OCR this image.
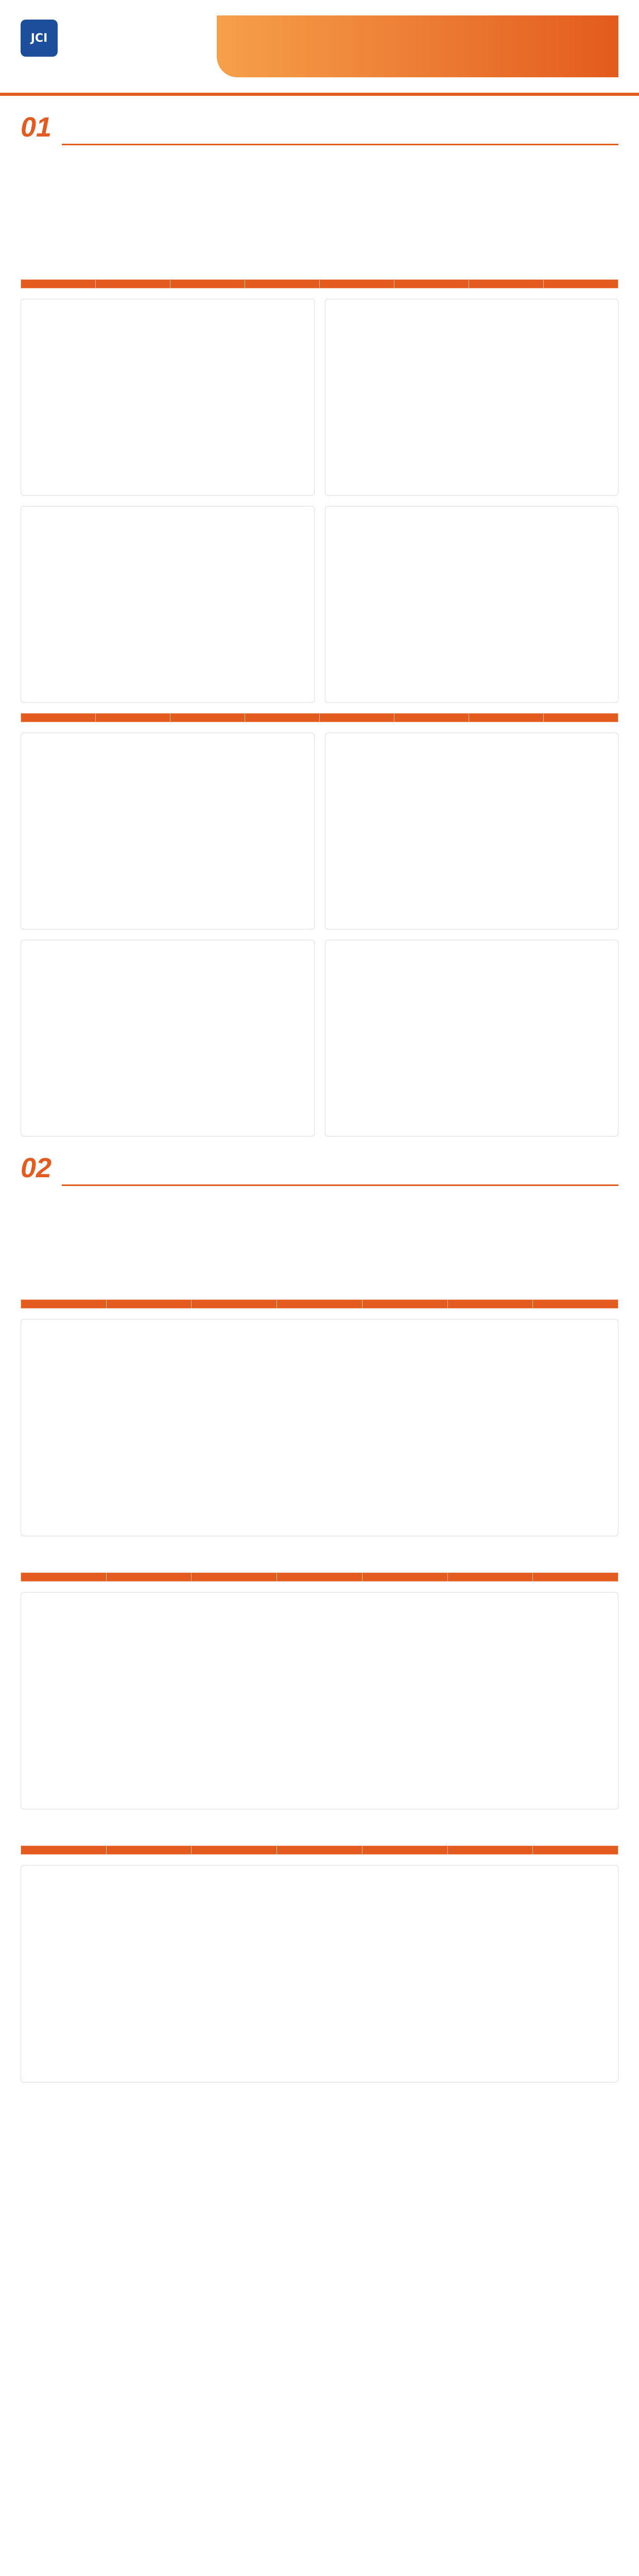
JCI
01

02
